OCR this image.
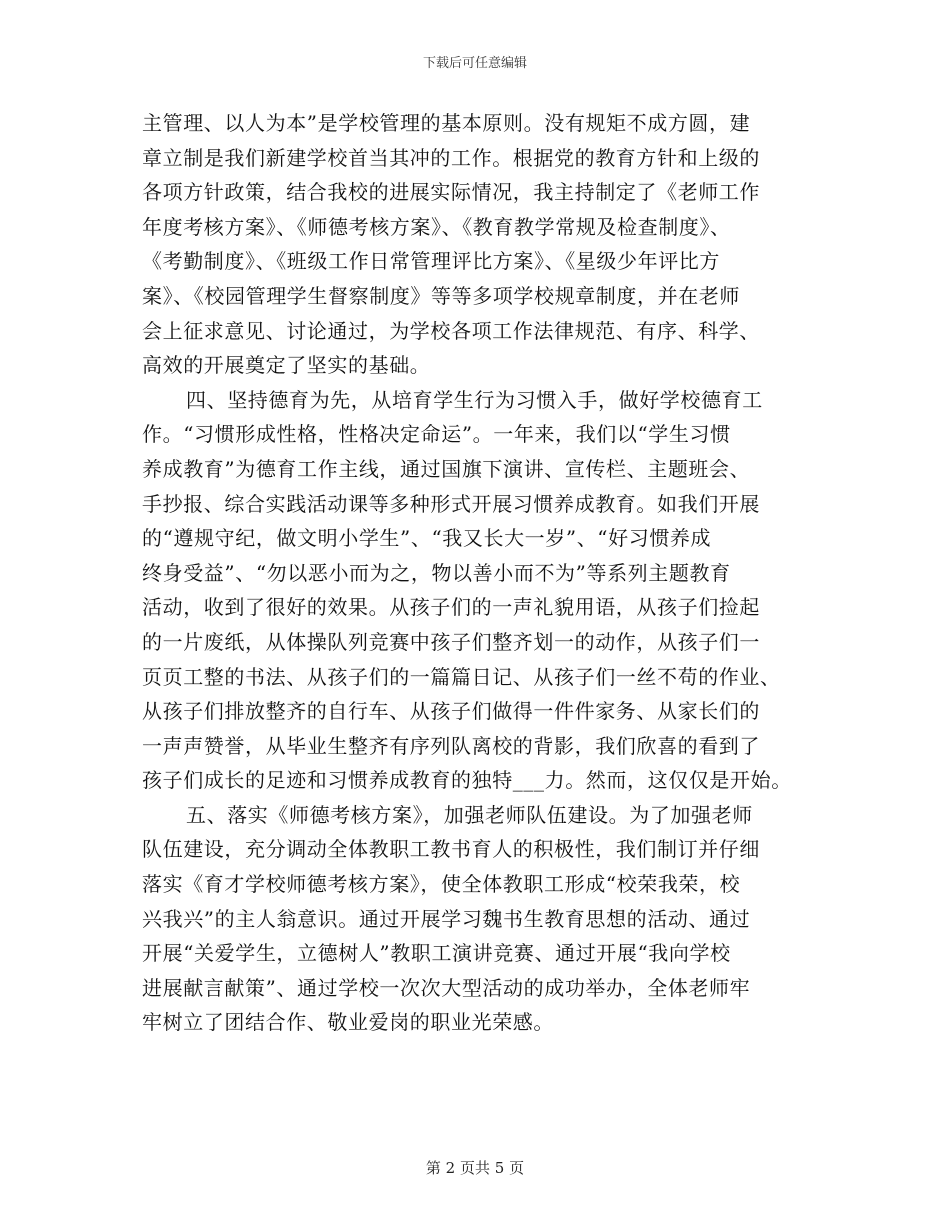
下载后可任意编辑
主管理、以人为本”是学校管理的基本原则。没有规矩不成方圆，建
章立制是我们新建学校首当其冲的工作。根据党的教育方针和上级的
各项方针政策，结合我校的进展实际情况，我主持制定了《老师工作
年度考核方案》、《师德考核方案》、《教育教学常规及检查制度》、
《考勤制度》、《班级工作日常管理评比方案》、《星级少年评比方
案》、《校园管理学生督察制度》等等多项学校规章制度，并在老师
会上征求意见、讨论通过，为学校各项工作法律规范、有序、科学、
高效的开展奠定了坚实的基础。
四、坚持德育为先，从培育学生行为习惯入手，做好学校德育工
作。“习惯形成性格，性格决定命运”。一年来，我们以“学生习惯
养成教育”为德育工作主线，通过国旗下演讲、宣传栏、主题班会、
手抄报、综合实践活动课等多种形式开展习惯养成教育。如我们开展
的“遵规守纪，做文明小学生”、“我又长大一岁”、“好习惯养成
终身受益”、“勿以恶小而为之，物以善小而不为”等系列主题教育
活动，收到了很好的效果。从孩子们的一声礼貌用语，从孩子们捡起
的一片废纸，从体操队列竞赛中孩子们整齐划一的动作，从孩子们一
页页工整的书法、从孩子们的一篇篇日记、从孩子们一丝不苟的作业、
从孩子们排放整齐的自行车、从孩子们做得一件件家务、从家长们的
一声声赞誉，从毕业生整齐有序列队离校的背影，我们欣喜的看到了
孩子们成长的足迹和习惯养成教育的独特___力。然而，这仅仅是开始。
五、落实《师德考核方案》，加强老师队伍建设。为了加强老师
队伍建设，充分调动全体教职工教书育人的积极性，我们制订并仔细
落实《育才学校师德考核方案》，使全体教职工形成“校荣我荣，校
兴我兴”的主人翁意识。通过开展学习魏书生教育思想的活动、通过
开展“关爱学生，立德树人”教职工演讲竞赛、通过开展“我向学校
进展献言献策”、通过学校一次次大型活动的成功举办，全体老师牢
牢树立了团结合作、敬业爱岗的职业光荣感。
第 2 页共 5 页
